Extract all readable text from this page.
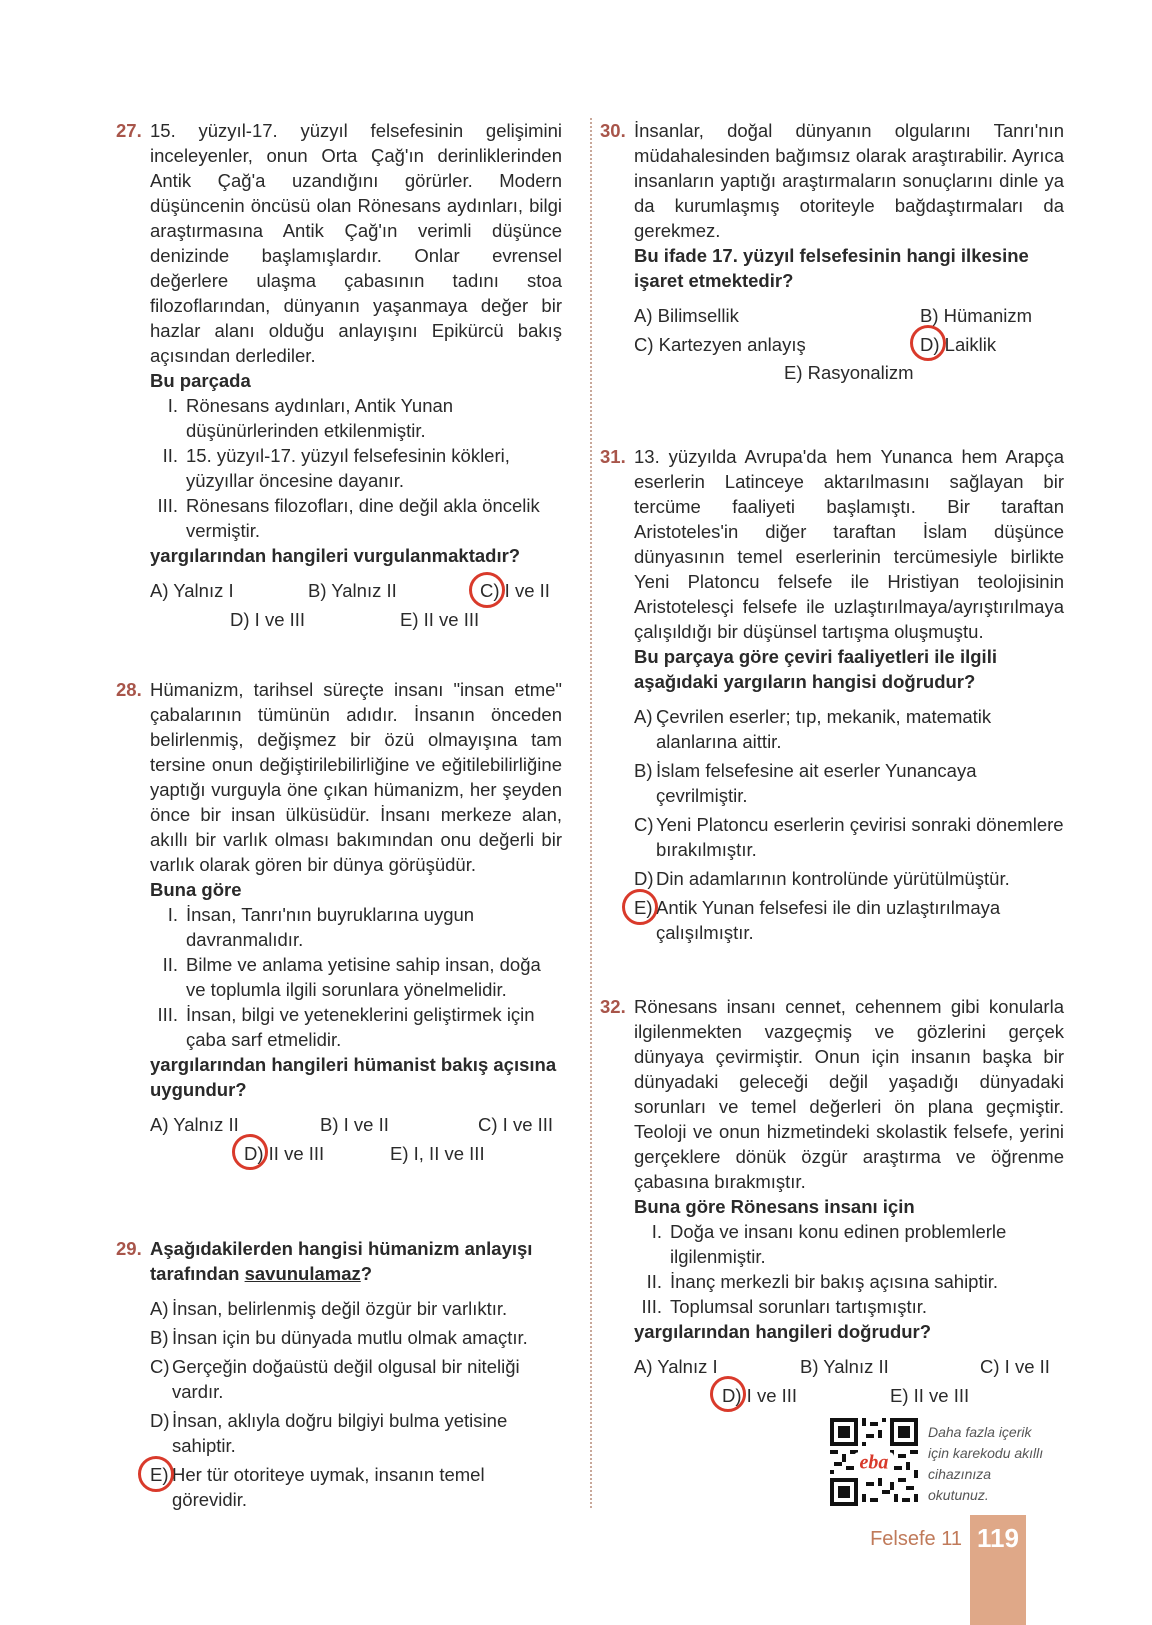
27. 15. yüzyıl-17. yüzyıl felsefesinin gelişimini inceleyenler, onun Orta Çağ'ın derinliklerinden Antik Çağ'a uzandığını görürler. Modern düşüncenin öncüsü olan Rönesans aydınları, bilgi araştırmasına Antik Çağ'ın verimli düşünce denizinde başlamışlardır. Onlar evrensel değerlere ulaşma çabasının tadını stoa filozoflarından, dünyanın yaşanmaya değer bir hazlar alanı olduğu anlayışını Epikürcü bakış açısından derlediler.
Bu parçada
I. Rönesans aydınları, Antik Yunan düşünürlerinden etkilenmiştir.
II. 15. yüzyıl-17. yüzyıl felsefesinin kökleri, yüzyıllar öncesine dayanır.
III. Rönesans filozofları, dine değil akla öncelik vermiştir.
yargılarından hangileri vurgulanmaktadır?
A) Yalnız I	B) Yalnız II	C) I ve II
D) I ve III	E) II ve III
28. Hümanizm, tarihsel süreçte insanı "insan etme" çabalarının tümünün adıdır. İnsanın önceden belirlenmiş, değişmez bir özü olmayışına tam tersine onun değiştirilebilirliğine ve eğitilebilirliğine yaptığı vurguyla öne çıkan hümanizm, her şeyden önce bir insan ülküsüdür. İnsanı merkeze alan, akıllı bir varlık olması bakımından onu değerli bir varlık olarak gören bir dünya görüşüdür.
Buna göre
I. İnsan, Tanrı'nın buyruklarına uygun davranmalıdır.
II. Bilme ve anlama yetisine sahip insan, doğa ve toplumla ilgili sorunlara yönelmelidir.
III. İnsan, bilgi ve yeteneklerini geliştirmek için çaba sarf etmelidir.
yargılarından hangileri hümanist bakış açısına uygundur?
A) Yalnız II	B) I ve II	C) I ve III
D) II ve III	E) I, II ve III
29. Aşağıdakilerden hangisi hümanizm anlayışı tarafından savunulamaz?
A) İnsan, belirlenmiş değil özgür bir varlıktır.
B) İnsan için bu dünyada mutlu olmak amaçtır.
C) Gerçeğin doğaüstü değil olgusal bir niteliği vardır.
D) İnsan, aklıyla doğru bilgiyi bulma yetisine sahiptir.
E) Her tür otoriteye uymak, insanın temel görevidir.
30. İnsanlar, doğal dünyanın olgularını Tanrı'nın müdahalesinden bağımsız olarak araştırabilir. Ayrıca insanların yaptığı araştırmaların sonuçlarını dinle ya da kurumlaşmış otoriteyle bağdaştırmaları da gerekmez.
Bu ifade 17. yüzyıl felsefesinin hangi ilkesine işaret etmektedir?
A) Bilimsellik	B) Hümanizm
C) Kartezyen anlayış	D) Laiklik
E) Rasyonalizm
31. 13. yüzyılda Avrupa'da hem Yunanca hem Arapça eserlerin Latinceye aktarılmasını sağlayan bir tercüme faaliyeti başlamıştı. Bir taraftan Aristoteles'in diğer taraftan İslam düşünce dünyasının temel eserlerinin tercümesiyle birlikte Yeni Platoncu felsefe ile Hristiyan teolojisinin Aristotelesçi felsefe ile uzlaştırılmaya/ayrıştırılmaya çalışıldığı bir düşünsel tartışma oluşmuştu.
Bu parçaya göre çeviri faaliyetleri ile ilgili aşağıdaki yargıların hangisi doğrudur?
A) Çevrilen eserler; tıp, mekanik, matematik alanlarına aittir.
B) İslam felsefesine ait eserler Yunancaya çevrilmiştir.
C) Yeni Platoncu eserlerin çevirisi sonraki dönemlere bırakılmıştır.
D) Din adamlarının kontrolünde yürütülmüştür.
E) Antik Yunan felsefesi ile din uzlaştırılmaya çalışılmıştır.
32. Rönesans insanı cennet, cehennem gibi konularla ilgilenmekten vazgeçmiş ve gözlerini gerçek dünyaya çevirmiştir. Onun için insanın başka bir dünyadaki geleceği değil yaşadığı dünyadaki sorunları ve temel değerleri ön plana geçmiştir. Teoloji ve onun hizmetindeki skolastik felsefe, yerini gerçeklere dönük özgür araştırma ve öğrenme çabasına bırakmıştır.
Buna göre Rönesans insanı için
I. Doğa ve insanı konu edinen problemlerle ilgilenmiştir.
II. İnanç merkezli bir bakış açısına sahiptir.
III. Toplumsal sorunları tartışmıştır.
yargılarından hangileri doğrudur?
A) Yalnız I	B) Yalnız II	C) I ve II
D) I ve III	E) II ve III
eba
Daha fazla içerik için karekodu akıllı cihazınıza okutunuz.
Felsefe 11 119
